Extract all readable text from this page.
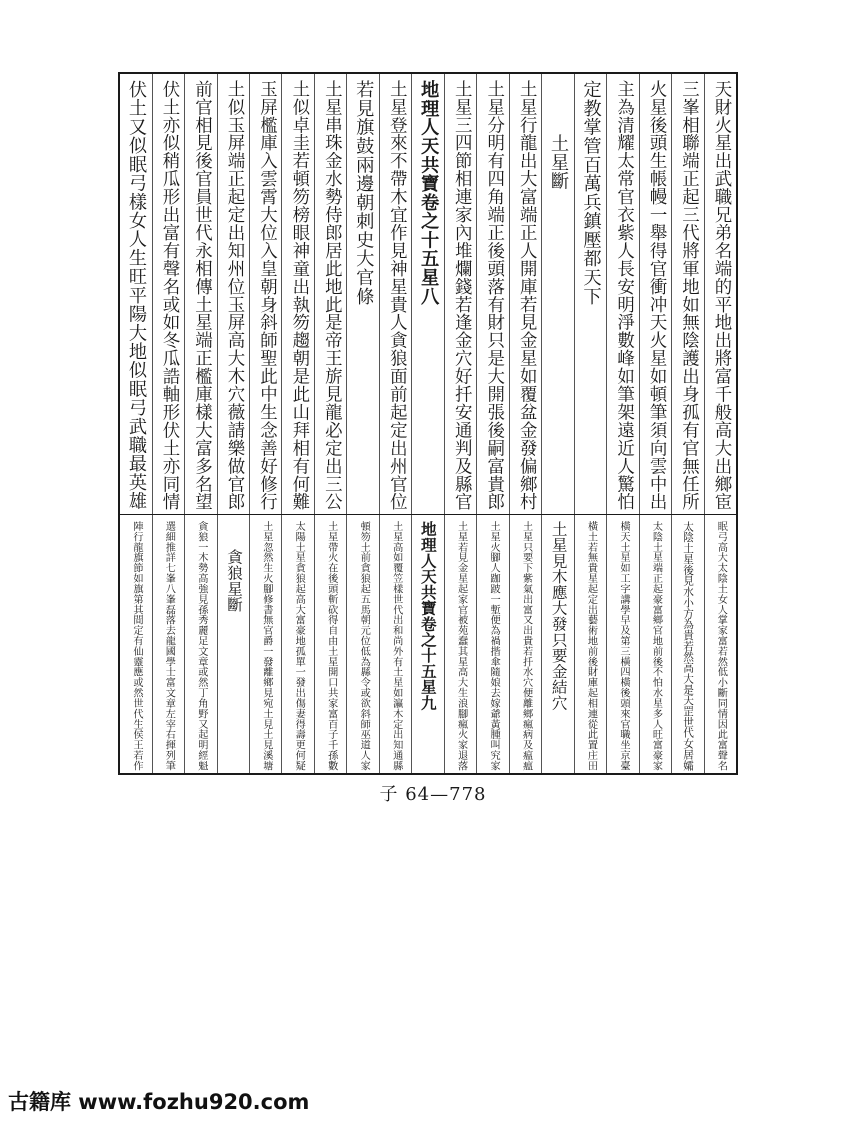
天財火星出武職兄弟名端的平地出將富千般高大出鄉宦
三峯相聯端正起三代將軍地如無陰護出身孤有官無任所
火星後頭生帳幔一舉得官衝冲天火星如頓筆須向雲中出
主為清耀太常官衣紫人長安明淨數峰如筆架遠近人驚怕
定教掌管百萬兵鎮壓都天下
土星斷
土星行龍出大富端正人開庫若見金星如覆盆金發偏鄉村
土星分明有四角端正後頭落有財只是大開張後嗣富貴郎
土星三四節相連家內堆爛錢若逢金穴好扦安通判及縣官
地理人天共寶卷之十五星八
土星登來不帶木宜作見神星貴人貪狼面前起定出州官位
若見旗鼓兩邊朝刺史大官條
土星串珠金水勢侍郎居此地此是帝王旂見龍必定出三公
土似卓圭若頓笏榜眼神童出執笏趨朝是此山拜相有何難
玉屏檻庫入雲霄大位入皇朝身斜師聖此中生念善好修行
土似玉屏端正起定出知州位玉屏高大木穴薇請樂做官郎
前官相見後官員世代永相傳土星端正檻庫樣大富多名望
伏土亦似稍瓜形出富有聲名或如冬瓜誥軸形伏土亦同情
伏土又似眠弓樣女人生旺平陽大地似眠弓武職最英雄
眠弓高大太陰土女人掌家富若然低小斷同情因此富聲名
太陰土星後見水小方為貴若然高大是天罡世代女居孀
太陰土星端正起豪富鄉官地前後不怕水星多人旺富豪家
橫天土星如工字講學早及第三橫四橫後頭來官職坐京臺
橫土若無貴星起定出藝術地前後財庫起相連從此置庄田
土星見木應大發只要金結穴
土星只要下紫氣出富又出貴若扦水穴便離鄉瘋病及瘟瘟
土星火腳人跏跛一塹便為禍揩傘隨娘去嫁爺黃腫叫究家
土星若見金星起家官被苑蠢其星高大生浪腳瘋火家退落
地理人天共寶卷之十五星九
土星高如覆笠樣世代出和尚外有土星如瀛木定出知通縣
頓笏土前貪狼起五馬朝元位低為縣令或欲斜師巫道人家
土星帶火在後頭斬砍得自由土星開口共家富百子千孫數
太陽土星貪狼起高大富豪地孤單一發出傷妻得壽更何疑
土星忽然生火腳修書無官爵一發離鄉見宛土見土見溪塘
貪狼星斷
貪狼一木勢高強見孫秀麗足文章或然丁角野又起明經魁
選細推詳七峯八峯磊落去龍國學士富文章左宰右揮列筆
陣行龍旗節如旗第其間定有仙靈應或然世代生侯王若作
子 64—778
古籍库 www.fozhu920.com
